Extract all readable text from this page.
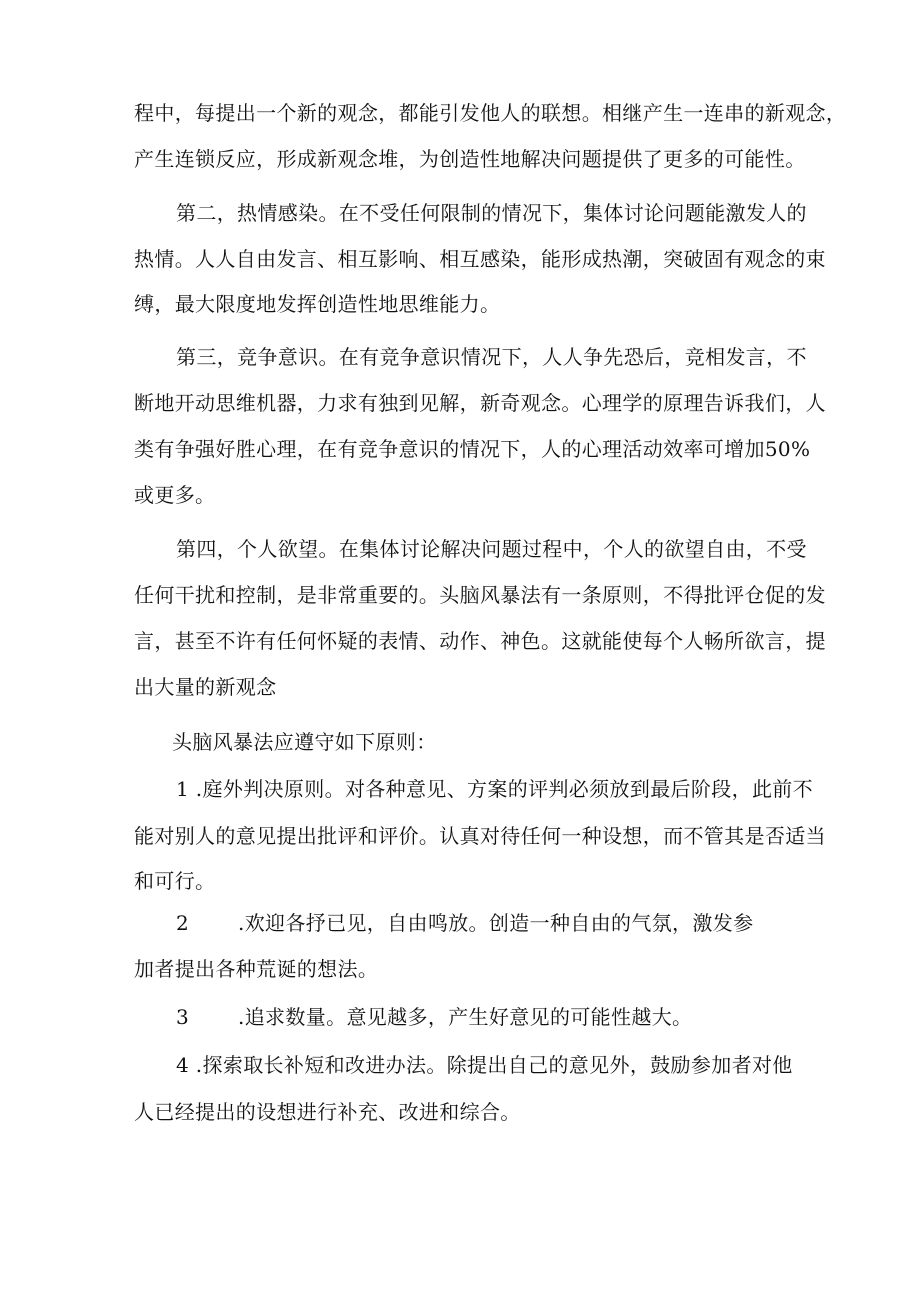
程中，每提出一个新的观念，都能引发他人的联想。相继产生一连串的新观念，
产生连锁反应，形成新观念堆，为创造性地解决问题提供了更多的可能性。
第二，热情感染。在不受任何限制的情况下，集体讨论问题能激发人的
热情。人人自由发言、相互影响、相互感染，能形成热潮，突破固有观念的束
缚，最大限度地发挥创造性地思维能力。
第三，竞争意识。在有竞争意识情况下，人人争先恐后，竞相发言，不
断地开动思维机器，力求有独到见解，新奇观念。心理学的原理告诉我们，人
类有争强好胜心理，在有竞争意识的情况下，人的心理活动效率可增加50%
或更多。
第四，个人欲望。在集体讨论解决问题过程中，个人的欲望自由，不受
任何干扰和控制，是非常重要的。头脑风暴法有一条原则，不得批评仓促的发
言，甚至不许有任何怀疑的表情、动作、神色。这就能使每个人畅所欲言，提
出大量的新观念
头脑风暴法应遵守如下原则：
1 .庭外判决原则。对各种意见、方案的评判必须放到最后阶段，此前不
能对别人的意见提出批评和评价。认真对待任何一种设想，而不管其是否适当
和可行。
2 .欢迎各抒已见，自由鸣放。创造一种自由的气氛，激发参
加者提出各种荒诞的想法。
3 .追求数量。意见越多，产生好意见的可能性越大。
4 .探索取长补短和改进办法。除提出自己的意见外，鼓励参加者对他
人已经提出的设想进行补充、改进和综合。
